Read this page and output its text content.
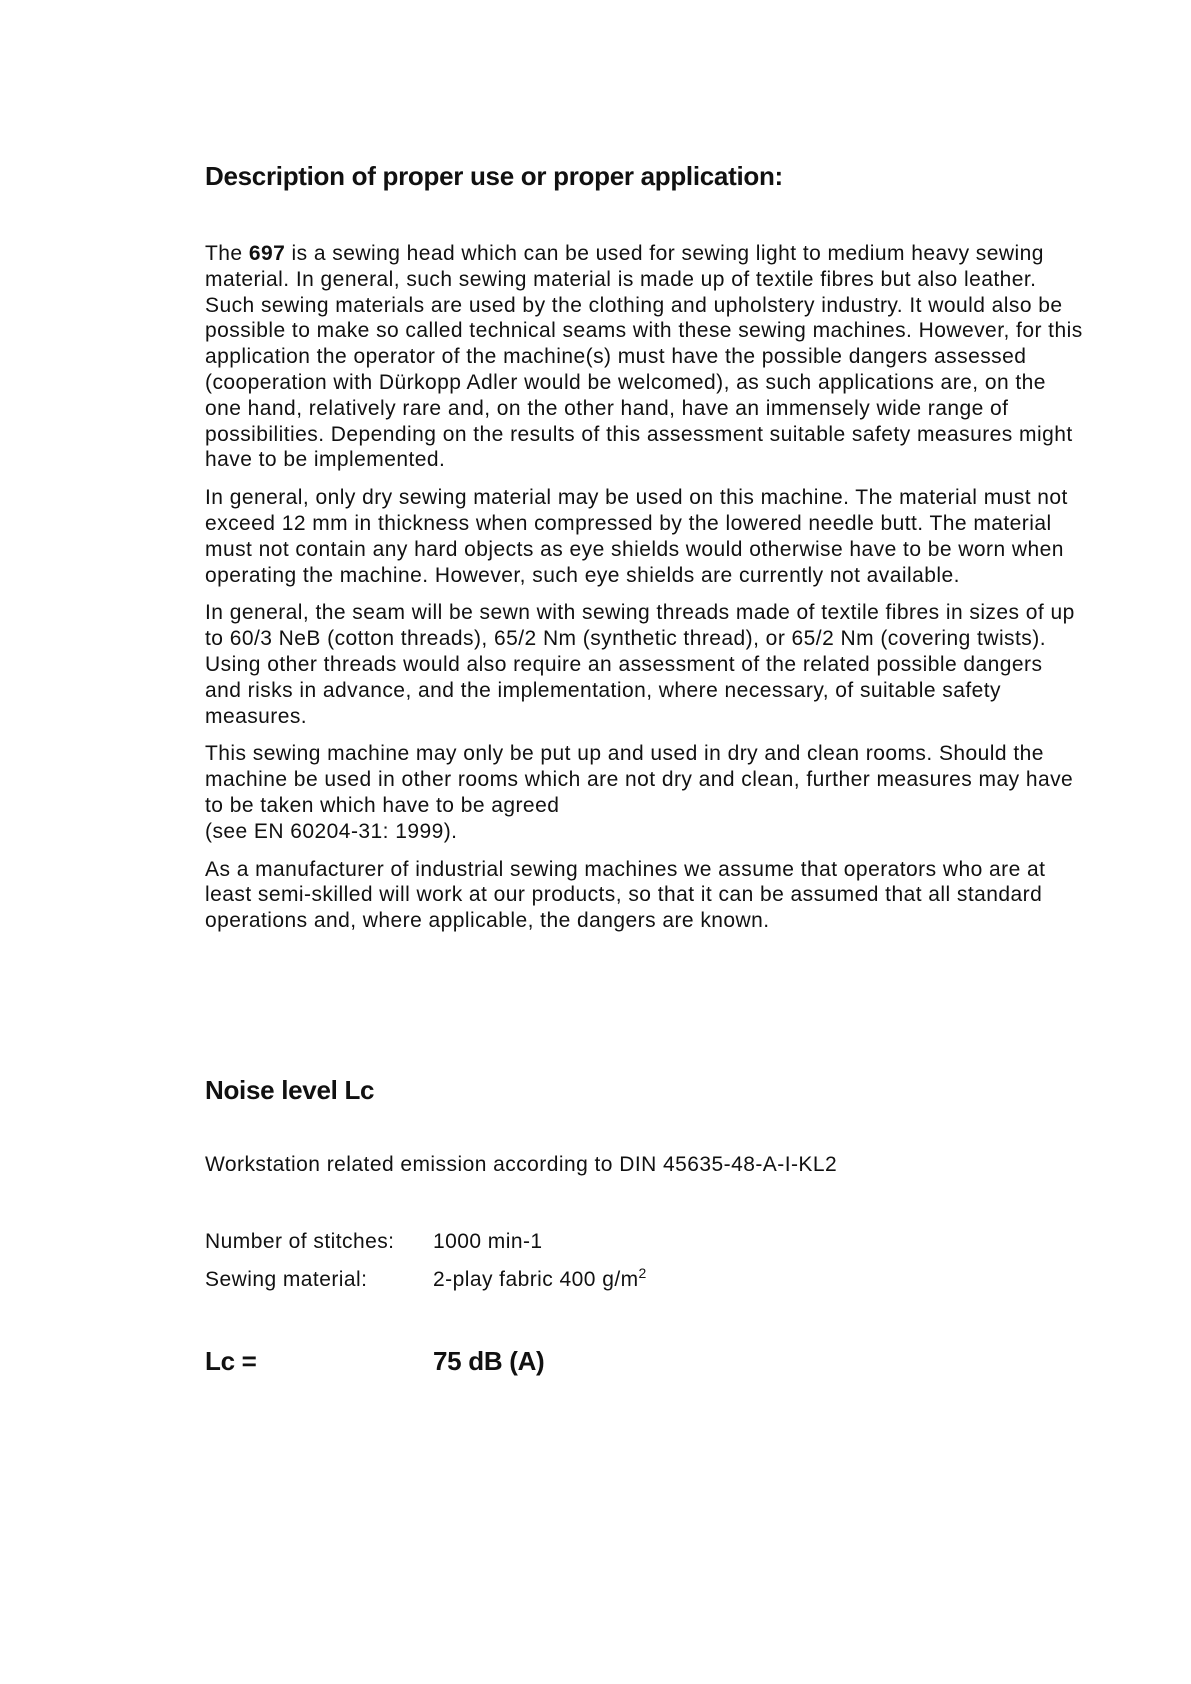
Description of proper use or proper application:

The 697 is a sewing head which can be used for sewing light to medium heavy sewing material. In general, such sewing material is made up of textile fibres but also leather. Such sewing materials are used by the clothing and upholstery industry. It would also be possible to make so called technical seams with these sewing machines. However, for this application the operator of the machine(s) must have the possible dangers assessed (cooperation with Dürkopp Adler would be welcomed), as such applications are, on the one hand, relatively rare and, on the other hand, have an immensely wide range of possibilities. Depending on the results of this assessment suitable safety measures might have to be implemented.

In general, only dry sewing material may be used on this machine. The material must not exceed 12 mm in thickness when compressed by the lowered needle butt. The material must not contain any hard objects as eye shields would otherwise have to be worn when operating the machine. However, such eye shields are currently not available.

In general, the seam will be sewn with sewing threads made of textile fibres in sizes of up to 60/3 NeB (cotton threads), 65/2 Nm (synthetic thread), or 65/2 Nm (covering twists). Using other threads would also require an assessment of the related possible dangers and risks in advance, and the implementation, where necessary, of suitable safety measures.

This sewing machine may only be put up and used in dry and clean rooms. Should the machine be used in other rooms which are not dry and clean, further measures may have to be taken which have to be agreed
(see EN 60204-31: 1999).

As a manufacturer of industrial sewing machines we assume that operators who are at least semi-skilled will work at our products, so that it can be assumed that all standard operations and, where applicable, the dangers are known.

Noise level Lc
Workstation related emission according to DIN 45635-48-A-I-KL2
Number of stitches: 1000 min-1
Sewing material:	2-play fabric 400 $g/m^2$
Lc =	75 dB (A)
